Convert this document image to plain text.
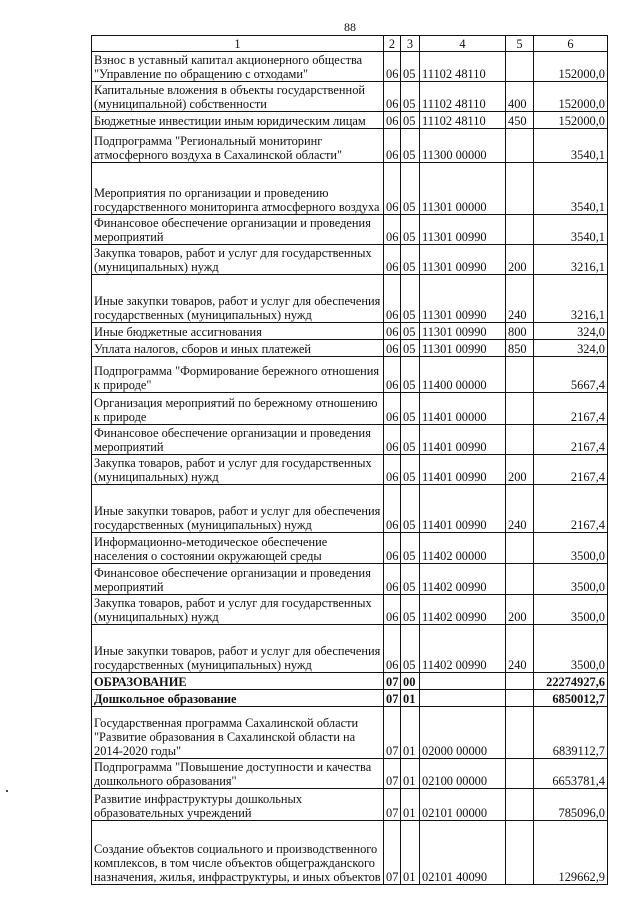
88
1	2	3	4	5	6
Взнос в уставный капитал акционерного общества "Управление по обращению с отходами"	06	05	11102 48110		152000,0
Капитальные вложения в объекты государственной (муниципальной) собственности	06	05	11102 48110	400	152000,0
Бюджетные инвестиции иным юридическим лицам	06	05	11102 48110	450	152000,0
Подпрограмма "Региональный мониторинг атмосферного воздуха в Сахалинской области"	06	05	11300 00000		3540,1
Мероприятия по организации и проведению государственного мониторинга атмосферного воздуха	06	05	11301 00000		3540,1
Финансовое обеспечение организации и проведения мероприятий	06	05	11301 00990		3540,1
Закупка товаров, работ и услуг для государственных (муниципальных) нужд	06	05	11301 00990	200	3216,1
Иные закупки товаров, работ и услуг для обеспечения государственных (муниципальных) нужд	06	05	11301 00990	240	3216,1
Иные бюджетные ассигнования	06	05	11301 00990	800	324,0
Уплата налогов, сборов и иных платежей	06	05	11301 00990	850	324,0
Подпрограмма "Формирование бережного отношения к природе"	06	05	11400 00000		5667,4
Организация мероприятий по бережному отношению к природе	06	05	11401 00000		2167,4
Финансовое обеспечение организации и проведения мероприятий	06	05	11401 00990		2167,4
Закупка товаров, работ и услуг для государственных (муниципальных) нужд	06	05	11401 00990	200	2167,4
Иные закупки товаров, работ и услуг для обеспечения государственных (муниципальных) нужд	06	05	11401 00990	240	2167,4
Информационно-методическое обеспечение населения о состоянии окружающей среды	06	05	11402 00000		3500,0
Финансовое обеспечение организации и проведения мероприятий	06	05	11402 00990		3500,0
Закупка товаров, работ и услуг для государственных (муниципальных) нужд	06	05	11402 00990	200	3500,0
Иные закупки товаров, работ и услуг для обеспечения государственных (муниципальных) нужд	06	05	11402 00990	240	3500,0
ОБРАЗОВАНИЕ	07	00			22274927,6
Дошкольное образование	07	01			6850012,7
Государственная программа Сахалинской области "Развитие образования в Сахалинской области на 2014-2020 годы"	07	01	02000 00000		6839112,7
Подпрограмма "Повышение доступности и качества дошкольного образования"	07	01	02100 00000		6653781,4
Развитие инфраструктуры дошкольных образовательных учреждений	07	01	02101 00000		785096,0
Создание объектов социального и производственного комплексов, в том числе объектов общегражданского назначения, жилья, инфраструктуры, и иных объектов	07	01	02101 40090		129662,9
